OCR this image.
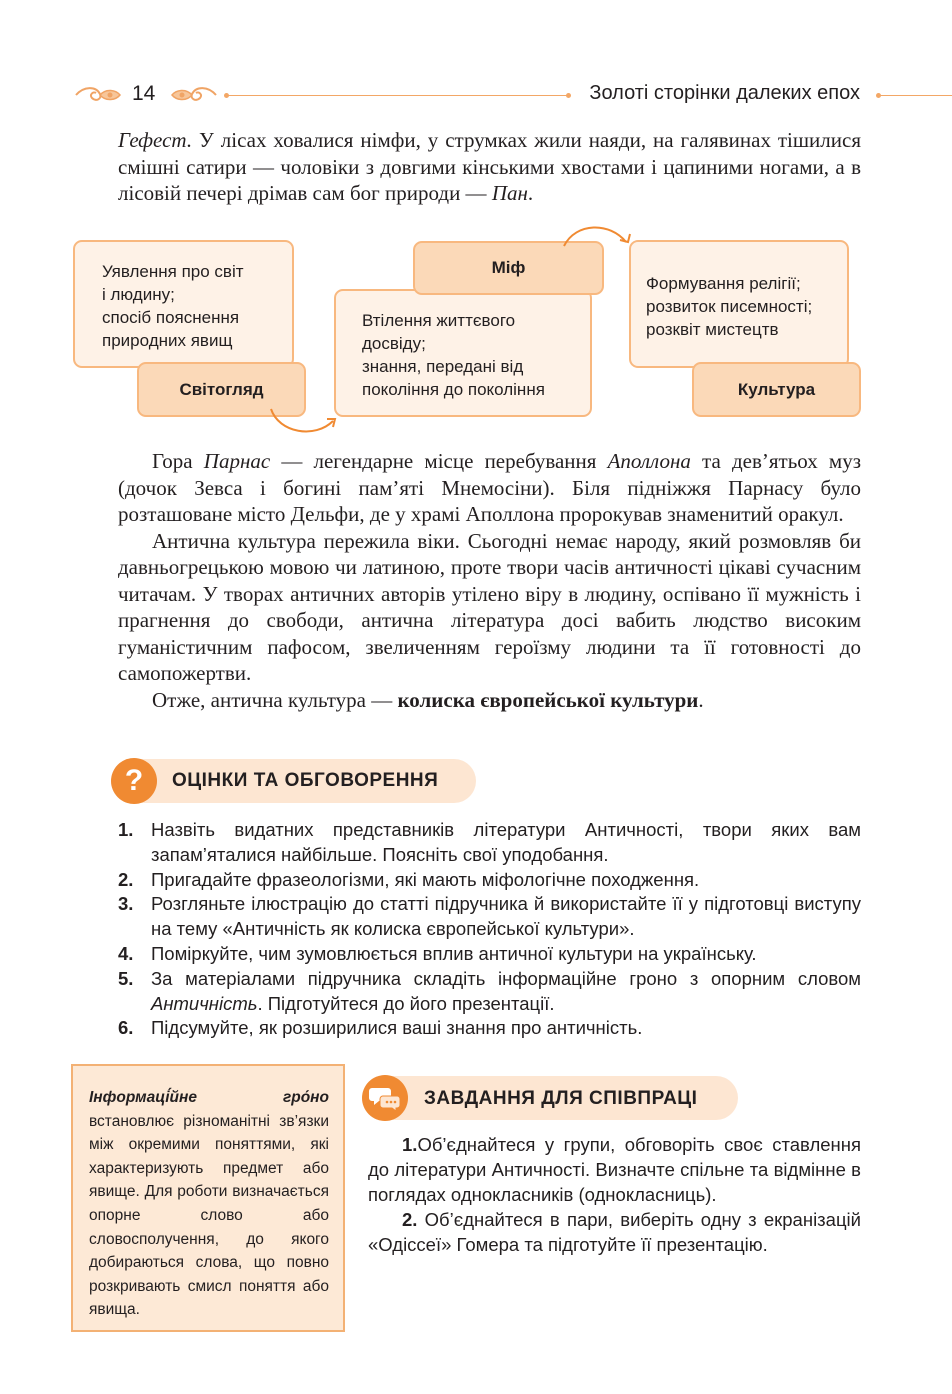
14	Золоті сторінки далеких епох

Гефест. У лісах ховалися німфи, у струмках жили наяди, на галявинах тішилися смішні сатири — чоловіки з довгими кінськими хвостами і цапиними ногами, а в лісовій печері дрімав сам бог природи — Пан.

Уявлення про світ
і людину;
спосіб пояснення
природних явищ
Світогляд
Втілення життєвого
досвіду;
знання, передані від
покоління до покоління
Міф
Формування релігії;
розвиток писемності;
розквіт мистецтв
Культура

Гора Парнас — легендарне місце перебування Аполлона та дев’ятьох муз (дочок Зевса і богині пам’яті Мнемосіни). Біля підніжжя Парнасу було розташоване місто Дельфи, де у храмі Аполлона пророкував знаменитий оракул.

Антична культура пережила віки. Сьогодні немає народу, який розмовляв би давньогрецькою мовою чи латиною, проте твори часів античності цікаві сучасним читачам. У творах античних авторів утілено віру в людину, оспівано її мужність і прагнення до свободи, антична література досі вабить людство високим гуманістичним пафосом, звеличенням героїзму людини та її готовності до самопожертви.

Отже, антична культура — колиска європейської культури.

?	ОЦІНКИ ТА ОБГОВОРЕННЯ
1. Назвіть видатних представників літератури Античності, твори яких вам запам’яталися найбільше. Поясніть свої уподобання.
2. Пригадайте фразеологізми, які мають міфологічне походження.
3. Розгляньте ілюстрацію до статті підручника й використайте її у підготовці виступу на тему «Античність як колиска європейської культури».
4. Поміркуйте, чим зумовлюється вплив античної культури на українську.
5. За матеріалами підручника складіть інформаційне гроно з опорним словом Античність. Підготуйтеся до його презентації.
6. Підсумуйте, як розширилися ваші знання про античність.
Інформаці́йне гро́но встановлює різноманітні зв’язки між окремими поняттями, які характеризують предмет або явище. Для роботи визначається опорне слово або словосполучення, до якого добираються слова, що повно розкривають смисл поняття або явища.
ЗАВДАННЯ ДЛЯ СПІВПРАЦІ

1.Об’єднайтеся у групи, обговоріть своє ставлення до літератури Античності. Визначте спільне та відмінне в поглядах однокласників (однокласниць).

2. Об’єднайтеся в пари, виберіть одну з екранізацій «Одіссеї» Гомера та підготуйте її презентацію.
